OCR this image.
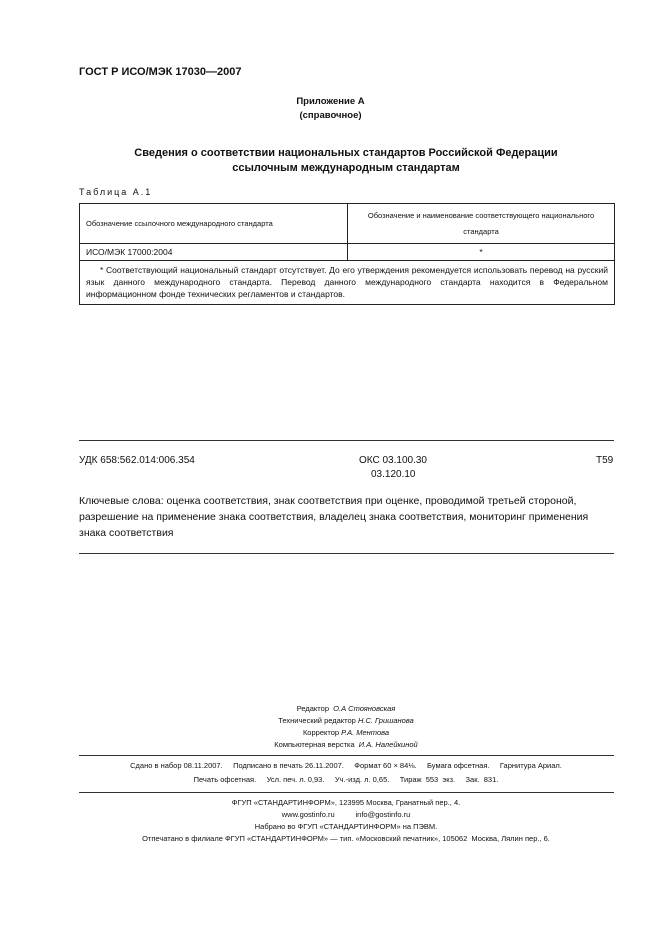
ГОСТ Р ИСО/МЭК 17030—2007
Приложение А
(справочное)
Сведения о соответствии национальных стандартов Российской Федерации
ссылочным международным стандартам
Таблица А.1
Обозначение ссылочного международного стандарта	Обозначение и наименование соответствующего национального стандарта
ИСО/МЭК 17000:2004	*
* Соответствующий национальный стандарт отсутствует. До его утверждения рекомендуется использовать перевод на русский язык данного международного стандарта. Перевод данного международного стандарта находится в Федеральном информационном фонде технических регламентов и стандартов.	
УДК 658:562.014:006.354	ОКС 03.100.30
03.120.10
Т59
Ключевые слова: оценка соответствия, знак соответствия при оценке, проводимой третьей стороной, разрешение на применение знака соответствия, владелец знака соответствия, мониторинг применения знака соответствия
Редактор О.А Стояновская
Технический редактор Н.С. Гришанова
Корректор Р.А. Ментова
Компьютерная верстка И.А. Налейкиной
Сдано в набор 08.11.2007.     Подписано в печать 26.11.2007.     Формат 60 × 84⅛.     Бумага офсетная.     Гарнитура Ариал.
Печать офсетная.     Усл. печ. л. 0,93.     Уч.-изд. л. 0,65.     Тираж  553  экз.     Зак.  831.
ФГУП «СТАНДАРТИНФОРМ», 123995 Москва, Гранатный пер., 4.
www.gostinfo.ru          info@gostinfo.ru
Набрано во ФГУП «СТАНДАРТИНФОРМ» на ПЭВМ.
Отпечатано в филиале ФГУП «СТАНДАРТИНФОРМ» — тип. «Московский печатник», 105062  Москва, Лялин пер., 6.
